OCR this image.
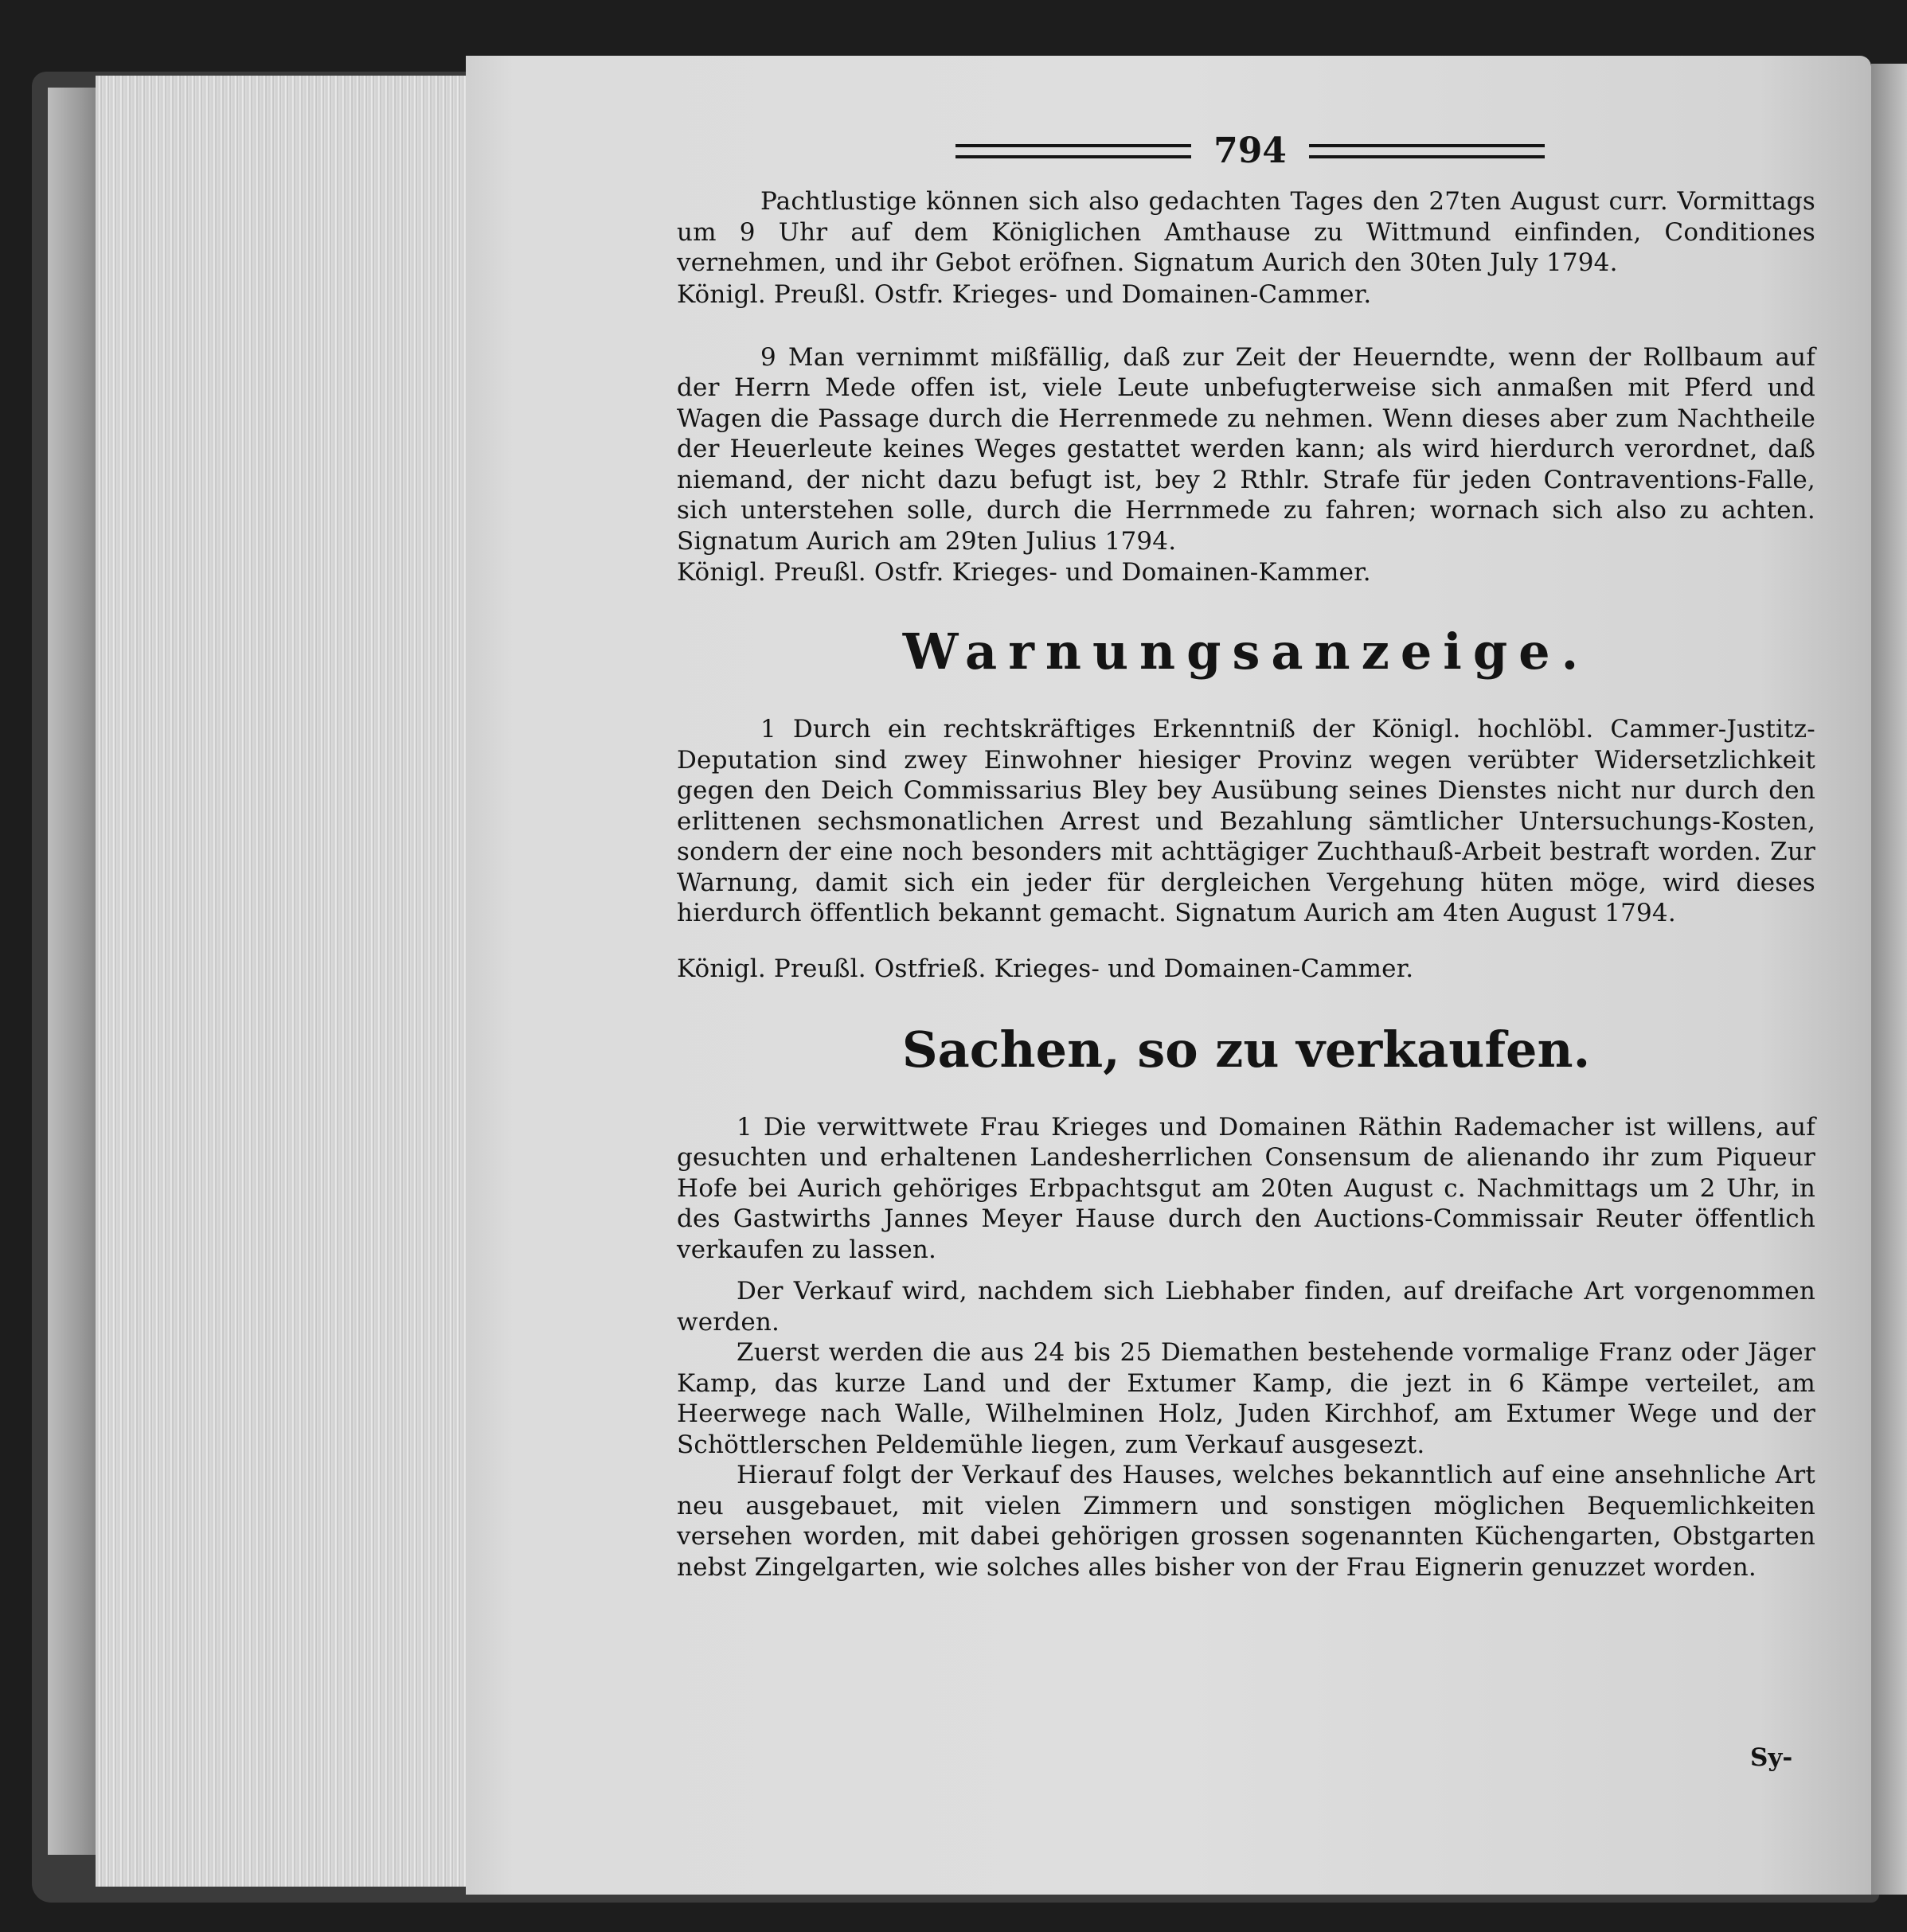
794

Pachtlustige können sich also gedachten Tages den 27ten August curr. Vormittags um 9 Uhr auf dem Königlichen Amthause zu Wittmund einfinden, Conditiones vernehmen, und ihr Gebot eröfnen. Signatum Aurich den 30ten July 1794.

Königl. Preußl. Ostfr. Krieges- und Domainen-Cammer.

9 Man vernimmt mißfällig, daß zur Zeit der Heuerndte, wenn der Rollbaum auf der Herrn Mede offen ist, viele Leute unbefugterweise sich anmaßen mit Pferd und Wagen die Passage durch die Herrenmede zu nehmen. Wenn dieses aber zum Nachtheile der Heuerleute keines Weges gestattet werden kann; als wird hierdurch verordnet, daß niemand, der nicht dazu befugt ist, bey 2 Rthlr. Strafe für jeden Contraventions-Falle, sich unterstehen solle, durch die Herrnmede zu fahren; wornach sich also zu achten. Signatum Aurich am 29ten Julius 1794.

Königl. Preußl. Ostfr. Krieges- und Domainen-Kammer.

Warnungsanzeige.

1 Durch ein rechtskräftiges Erkenntniß der Königl. hochlöbl. Cammer-Justitz-Deputation sind zwey Einwohner hiesiger Provinz wegen verübter Widersetzlichkeit gegen den Deich Commissarius Bley bey Ausübung seines Dienstes nicht nur durch den erlittenen sechsmonatlichen Arrest und Bezahlung sämtlicher Untersuchungs-Kosten, sondern der eine noch besonders mit achttägiger Zuchthauß-Arbeit bestraft worden. Zur Warnung, damit sich ein jeder für dergleichen Vergehung hüten möge, wird dieses hierdurch öffentlich bekannt gemacht. Signatum Aurich am 4ten August 1794.

Königl. Preußl. Ostfrieß. Krieges- und Domainen-Cammer.

Sachen, so zu verkaufen.

1 Die verwittwete Frau Krieges und Domainen Räthin Rademacher ist willens, auf gesuchten und erhaltenen Landesherrlichen Consensum de alienando ihr zum Piqueur Hofe bei Aurich gehöriges Erbpachtsgut am 20ten August c. Nachmittags um 2 Uhr, in des Gastwirths Jannes Meyer Hause durch den Auctions-Commissair Reuter öffentlich verkaufen zu lassen.

Der Verkauf wird, nachdem sich Liebhaber finden, auf dreifache Art vorgenommen werden.

Zuerst werden die aus 24 bis 25 Diemathen bestehende vormalige Franz oder Jäger Kamp, das kurze Land und der Extumer Kamp, die jezt in 6 Kämpe verteilet, am Heerwege nach Walle, Wilhelminen Holz, Juden Kirchhof, am Extumer Wege und der Schöttlerschen Peldemühle liegen, zum Verkauf ausgesezt.

Hierauf folgt der Verkauf des Hauses, welches bekanntlich auf eine ansehnliche Art neu ausgebauet, mit vielen Zimmern und sonstigen möglichen Bequemlichkeiten versehen worden, mit dabei gehörigen grossen sogenannten Küchengarten, Obstgarten nebst Zingelgarten, wie solches alles bisher von der Frau Eignerin genuzzet worden.

Sy-
